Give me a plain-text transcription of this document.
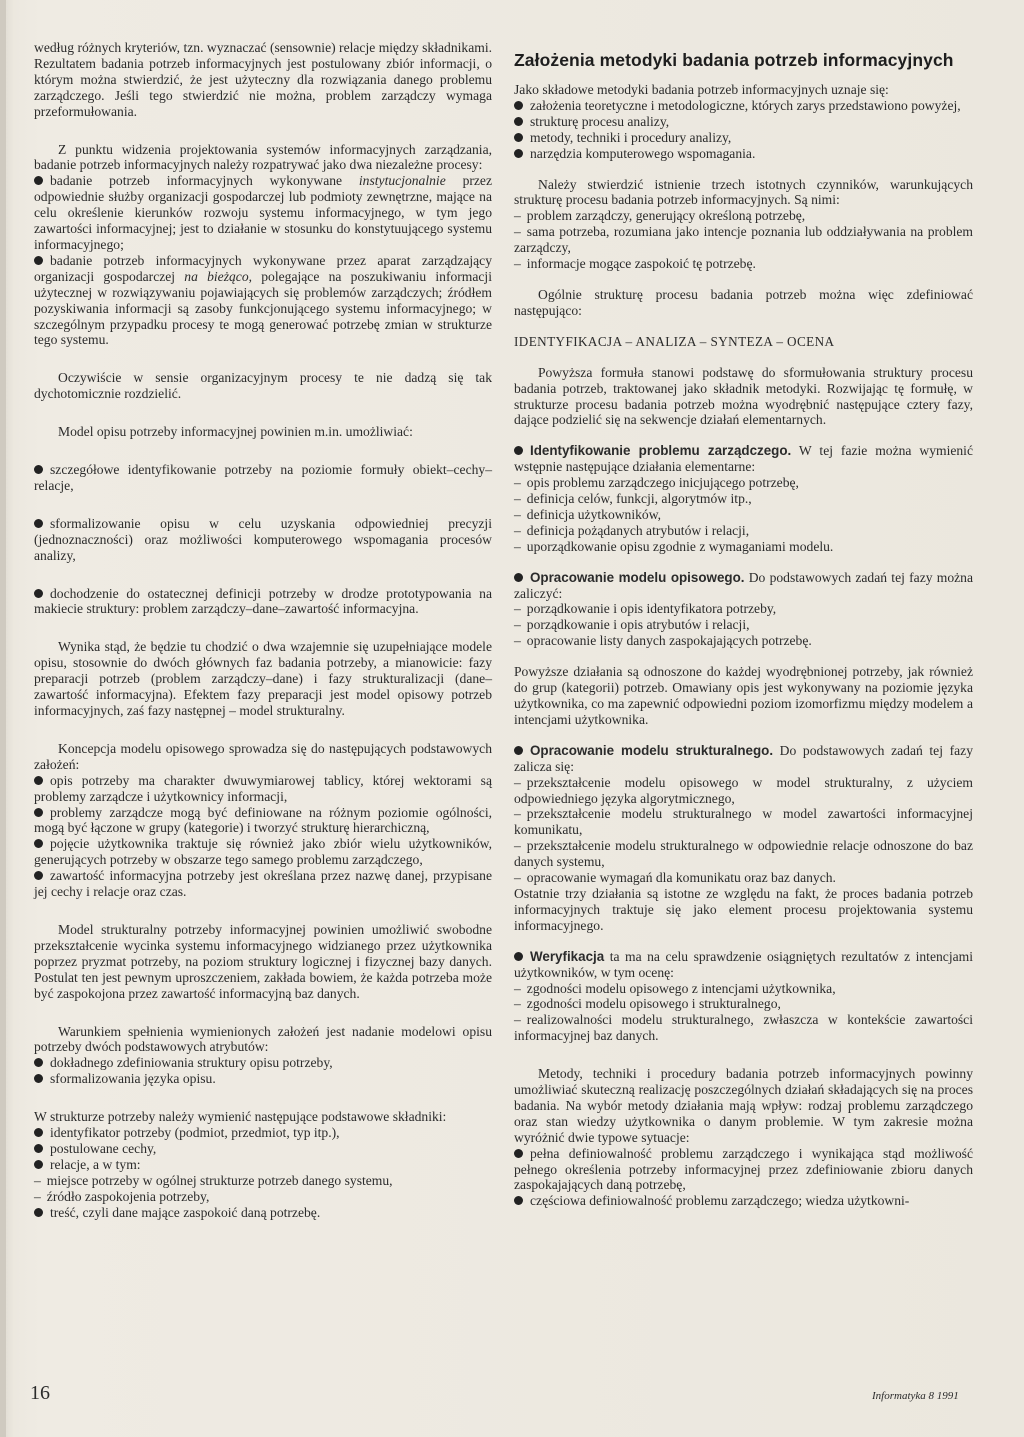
według różnych kryteriów, tzn. wyznaczać (sensownie) relacje między składnikami. Rezultatem badania potrzeb informacyjnych jest postulowany zbiór informacji, o którym można stwierdzić, że jest użyteczny dla rozwiązania danego problemu zarządczego. Jeśli tego stwierdzić nie można, problem zarządczy wymaga przeformułowania.

Z punktu widzenia projektowania systemów informacyjnych zarządzania, badanie potrzeb informacyjnych należy rozpatrywać jako dwa niezależne procesy:

badanie potrzeb informacyjnych wykonywane instytucjonalnie przez odpowiednie służby organizacji gospodarczej lub podmioty zewnętrzne, mające na celu określenie kierunków rozwoju systemu informacyjnego, w tym jego zawartości informacyjnej; jest to działanie w stosunku do konstytuującego systemu informacyjnego;

badanie potrzeb informacyjnych wykonywane przez aparat zarządzający organizacji gospodarczej na bieżąco, polegające na poszukiwaniu informacji użytecznej w rozwiązywaniu pojawiających się problemów zarządczych; źródłem pozyskiwania informacji są zasoby funkcjonującego systemu informacyjnego; w szczególnym przypadku procesy te mogą generować potrzebę zmian w strukturze tego systemu.

Oczywiście w sensie organizacyjnym procesy te nie dadzą się tak dychotomicznie rozdzielić.

Model opisu potrzeby informacyjnej powinien m.in. umożliwiać:

szczegółowe identyfikowanie potrzeby na poziomie formuły obiekt–cechy–relacje,

sformalizowanie opisu w celu uzyskania odpowiedniej precyzji (jednoznaczności) oraz możliwości komputerowego wspomagania procesów analizy,

dochodzenie do ostatecznej definicji potrzeby w drodze prototypowania na makiecie struktury: problem zarządczy–dane–zawartość informacyjna.

Wynika stąd, że będzie tu chodzić o dwa wzajemnie się uzupełniające modele opisu, stosownie do dwóch głównych faz badania potrzeby, a mianowicie: fazy preparacji potrzeb (problem zarządczy–dane) i fazy strukturalizacji (dane–zawartość informacyjna). Efektem fazy preparacji jest model opisowy potrzeb informacyjnych, zaś fazy następnej – model strukturalny.

Koncepcja modelu opisowego sprowadza się do następujących podstawowych założeń:

opis potrzeby ma charakter dwuwymiarowej tablicy, której wektorami są problemy zarządcze i użytkownicy informacji,

problemy zarządcze mogą być definiowane na różnym poziomie ogólności, mogą być łączone w grupy (kategorie) i tworzyć strukturę hierarchiczną,

pojęcie użytkownika traktuje się również jako zbiór wielu użytkowników, generujących potrzeby w obszarze tego samego problemu zarządczego,

zawartość informacyjna potrzeby jest określana przez nazwę danej, przypisane jej cechy i relacje oraz czas.

Model strukturalny potrzeby informacyjnej powinien umożliwić swobodne przekształcenie wycinka systemu informacyjnego widzianego przez użytkownika poprzez pryzmat potrzeby, na poziom struktury logicznej i fizycznej bazy danych. Postulat ten jest pewnym uproszczeniem, zakłada bowiem, że każda potrzeba może być zaspokojona przez zawartość informacyjną baz danych.

Warunkiem spełnienia wymienionych założeń jest nadanie modelowi opisu potrzeby dwóch podstawowych atrybutów:

dokładnego zdefiniowania struktury opisu potrzeby,

sformalizowania języka opisu.

W strukturze potrzeby należy wymienić następujące podstawowe składniki:

identyfikator potrzeby (podmiot, przedmiot, typ itp.),

postulowane cechy,

relacje, a w tym:

– miejsce potrzeby w ogólnej strukturze potrzeb danego systemu,

– źródło zaspokojenia potrzeby,

treść, czyli dane mające zaspokoić daną potrzebę.

Założenia metodyki badania potrzeb informacyjnych

Jako składowe metodyki badania potrzeb informacyjnych uznaje się:

założenia teoretyczne i metodologiczne, których zarys przedstawiono powyżej,

strukturę procesu analizy,

metody, techniki i procedury analizy,

narzędzia komputerowego wspomagania.

Należy stwierdzić istnienie trzech istotnych czynników, warunkujących strukturę procesu badania potrzeb informacyjnych. Są nimi:

– problem zarządczy, generujący określoną potrzebę,

– sama potrzeba, rozumiana jako intencje poznania lub oddziaływania na problem zarządczy,

– informacje mogące zaspokoić tę potrzebę.

Ogólnie strukturę procesu badania potrzeb można więc zdefiniować następująco:

IDENTYFIKACJA – ANALIZA – SYNTEZA – OCENA

Powyższa formuła stanowi podstawę do sformułowania struktury procesu badania potrzeb, traktowanej jako składnik metodyki. Rozwijając tę formułę, w strukturze procesu badania potrzeb można wyodrębnić następujące cztery fazy, dające podzielić się na sekwencje działań elementarnych.

Identyfikowanie problemu zarządczego. W tej fazie można wymienić wstępnie następujące działania elementarne:

– opis problemu zarządczego inicjującego potrzebę,

– definicja celów, funkcji, algorytmów itp.,

– definicja użytkowników,

– definicja pożądanych atrybutów i relacji,

– uporządkowanie opisu zgodnie z wymaganiami modelu.

Opracowanie modelu opisowego. Do podstawowych zadań tej fazy można zaliczyć:

– porządkowanie i opis identyfikatora potrzeby,

– porządkowanie i opis atrybutów i relacji,

– opracowanie listy danych zaspokajających potrzebę.

Powyższe działania są odnoszone do każdej wyodrębnionej potrzeby, jak również do grup (kategorii) potrzeb. Omawiany opis jest wykonywany na poziomie języka użytkownika, co ma zapewnić odpowiedni poziom izomorfizmu między modelem a intencjami użytkownika.

Opracowanie modelu strukturalnego. Do podstawowych zadań tej fazy zalicza się:

– przekształcenie modelu opisowego w model strukturalny, z użyciem odpowiedniego języka algorytmicznego,

– przekształcenie modelu strukturalnego w model zawartości informacyjnej komunikatu,

– przekształcenie modelu strukturalnego w odpowiednie relacje odnoszone do baz danych systemu,

– opracowanie wymagań dla komunikatu oraz baz danych.

Ostatnie trzy działania są istotne ze względu na fakt, że proces badania potrzeb informacyjnych traktuje się jako element procesu projektowania systemu informacyjnego.

Weryfikacja ta ma na celu sprawdzenie osiągniętych rezultatów z intencjami użytkowników, w tym ocenę:

– zgodności modelu opisowego z intencjami użytkownika,

– zgodności modelu opisowego i strukturalnego,

– realizowalności modelu strukturalnego, zwłaszcza w kontekście zawartości informacyjnej baz danych.

Metody, techniki i procedury badania potrzeb informacyjnych powinny umożliwiać skuteczną realizację poszczególnych działań składających się na proces badania. Na wybór metody działania mają wpływ: rodzaj problemu zarządczego oraz stan wiedzy użytkownika o danym problemie. W tym zakresie można wyróżnić dwie typowe sytuacje:

pełna definiowalność problemu zarządczego i wynikająca stąd możliwość pełnego określenia potrzeby informacyjnej przez zdefiniowanie zbioru danych zaspokajających daną potrzebę,

częściowa definiowalność problemu zarządczego; wiedza użytkowni-

16	Informatyka 8 1991
